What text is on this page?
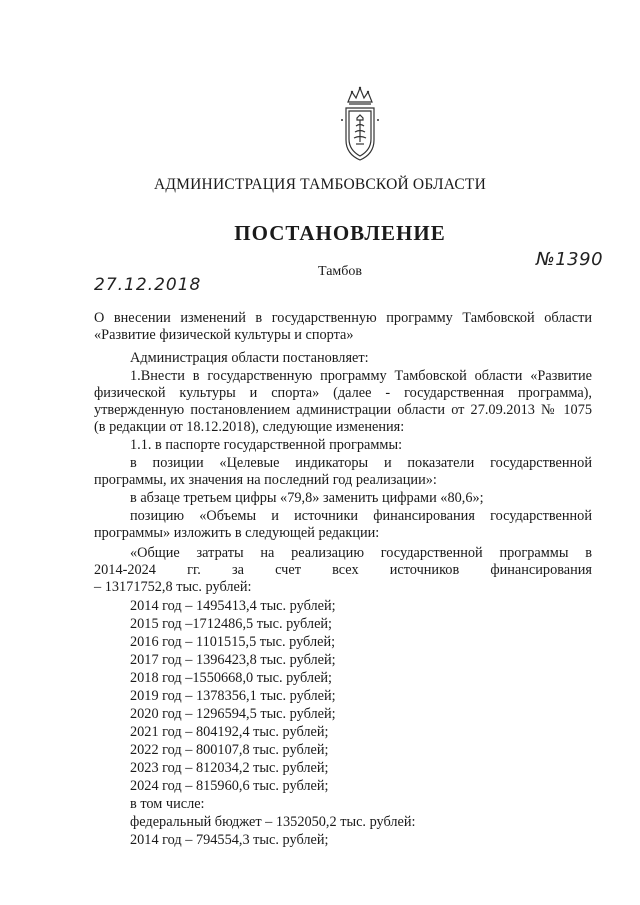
АДМИНИСТРАЦИЯ ТАМБОВСКОЙ ОБЛАСТИ
ПОСТАНОВЛЕНИЕ
Тамбов
27.12.2018
№1390
О внесении изменений в государственную программу Тамбовской области
«Развитие физической культуры и спорта»
Администрация области постановляет:
1.Внести в государственную программу Тамбовской области «Развитие
физической культуры и спорта» (далее - государственная программа),
утвержденную постановлением администрации области от 27.09.2013 № 1075
(в редакции от 18.12.2018), следующие изменения:
1.1. в паспорте государственной программы:
в позиции «Целевые индикаторы и показатели государственной
программы, их значения на последний год реализации»:
в абзаце третьем цифры «79,8» заменить цифрами «80,6»;
позицию «Объемы и источники финансирования государственной
программы» изложить в следующей редакции:
«Общие затраты на реализацию государственной программы в
2014-2024 гг. за счет всех источников финансирования
– 13171752,8 тыс. рублей:
2014 год – 1495413,4 тыс. рублей;
2015 год –1712486,5 тыс. рублей;
2016 год – 1101515,5 тыс. рублей;
2017 год – 1396423,8 тыс. рублей;
2018 год –1550668,0 тыс. рублей;
2019 год – 1378356,1 тыс. рублей;
2020 год – 1296594,5 тыс. рублей;
2021 год – 804192,4 тыс. рублей;
2022 год – 800107,8 тыс. рублей;
2023 год – 812034,2 тыс. рублей;
2024 год – 815960,6 тыс. рублей;
в том числе:
федеральный бюджет – 1352050,2 тыс. рублей:
2014 год – 794554,3 тыс. рублей;
